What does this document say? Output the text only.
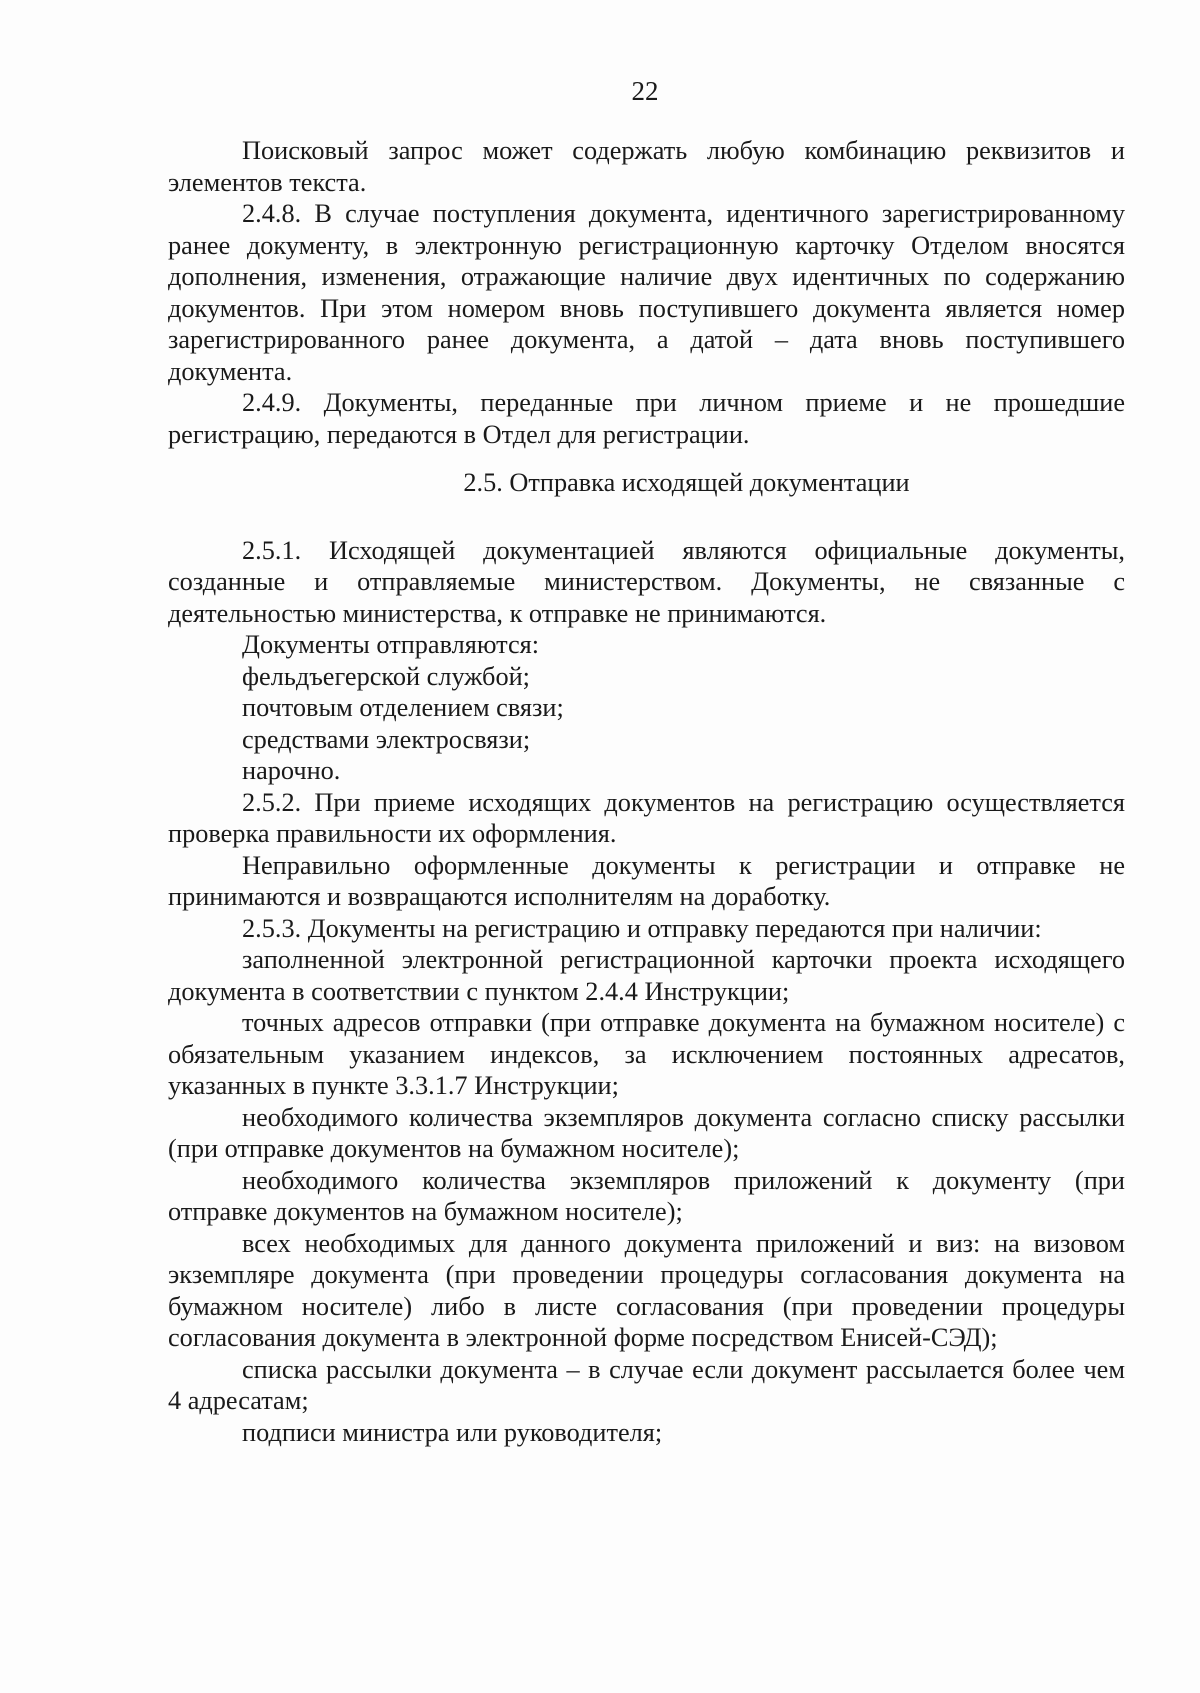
22

Поисковый запрос может содержать любую комбинацию реквизитов и элементов текста.

2.4.8. В случае поступления документа, идентичного зарегистрированному ранее документу, в электронную регистрационную карточку Отделом вносятся дополнения, изменения, отражающие наличие двух идентичных по содержанию документов. При этом номером вновь поступившего документа является номер зарегистрированного ранее документа, а датой – дата вновь поступившего документа.

2.4.9. Документы, переданные при личном приеме и не прошедшие регистрацию, передаются в Отдел для регистрации.

2.5. Отправка исходящей документации

2.5.1. Исходящей документацией являются официальные документы, созданные и отправляемые министерством. Документы, не связанные с деятельностью министерства, к отправке не принимаются.

Документы отправляются:

фельдъегерской службой;

почтовым отделением связи;

средствами электросвязи;

нарочно.

2.5.2. При приеме исходящих документов на регистрацию осуществляется проверка правильности их оформления.

Неправильно оформленные документы к регистрации и отправке не принимаются и возвращаются исполнителям на доработку.

2.5.3. Документы на регистрацию и отправку передаются при наличии:

заполненной электронной регистрационной карточки проекта исходящего документа в соответствии с пунктом 2.4.4 Инструкции;

точных адресов отправки (при отправке документа на бумажном носителе) с обязательным указанием индексов, за исключением постоянных адресатов, указанных в пункте 3.3.1.7 Инструкции;

необходимого количества экземпляров документа согласно списку рассылки (при отправке документов на бумажном носителе);

необходимого количества экземпляров приложений к документу (при отправке документов на бумажном носителе);

всех необходимых для данного документа приложений и виз: на визовом экземпляре документа (при проведении процедуры согласования документа на бумажном носителе) либо в листе согласования (при проведении процедуры согласования документа в электронной форме посредством Енисей-СЭД);

списка рассылки документа – в случае если документ рассылается более чем 4 адресатам;

подписи министра или руководителя;
